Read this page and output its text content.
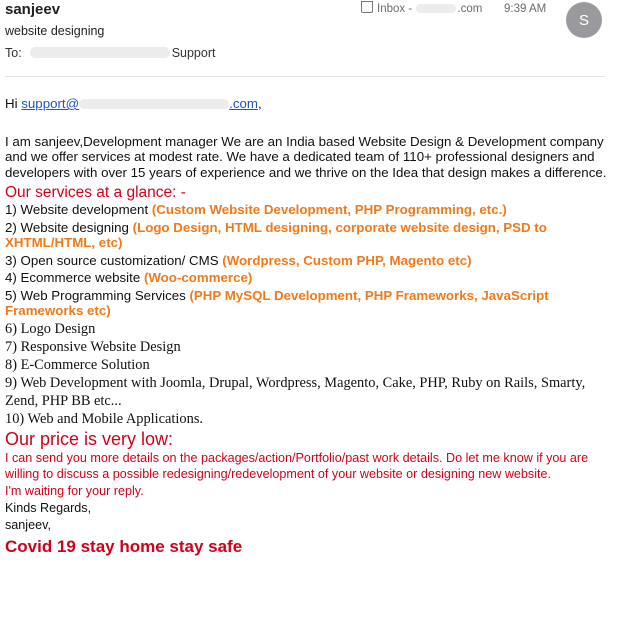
sanjeev
website designing
To:	Support
Inbox -	.com 9:39 AM
S

Hi support@	.com,

I am sanjeev,Development manager We are an India based Website Design & Development company and we offer services at modest rate. We have a dedicated team of 110+ professional designers and developers with over 15 years of experience and we thrive on the Idea that design makes a difference.

Our services at a glance: -

1) Website development (Custom Website Development, PHP Programming, etc.)

2) Website designing (Logo Design, HTML designing, corporate website design, PSD to XHTML/HTML, etc)

3) Open source customization/ CMS (Wordpress, Custom PHP, Magento etc)

4) Ecommerce website (Woo-commerce)

5) Web Programming Services (PHP MySQL Development, PHP Frameworks, JavaScript Frameworks etc)

6) Logo Design

7) Responsive Website Design

8) E-Commerce Solution

9) Web Development with Joomla, Drupal, Wordpress, Magento, Cake, PHP, Ruby on Rails, Smarty, Zend, PHP BB etc...

10) Web and Mobile Applications.

Our price is very low:

I can send you more details on the packages/action/Portfolio/past work details. Do let me know if you are willing to discuss a possible redesigning/redevelopment of your website or designing new website.

I'm waiting for your reply.

Kinds Regards,

sanjeev,

Covid 19 stay home stay safe
